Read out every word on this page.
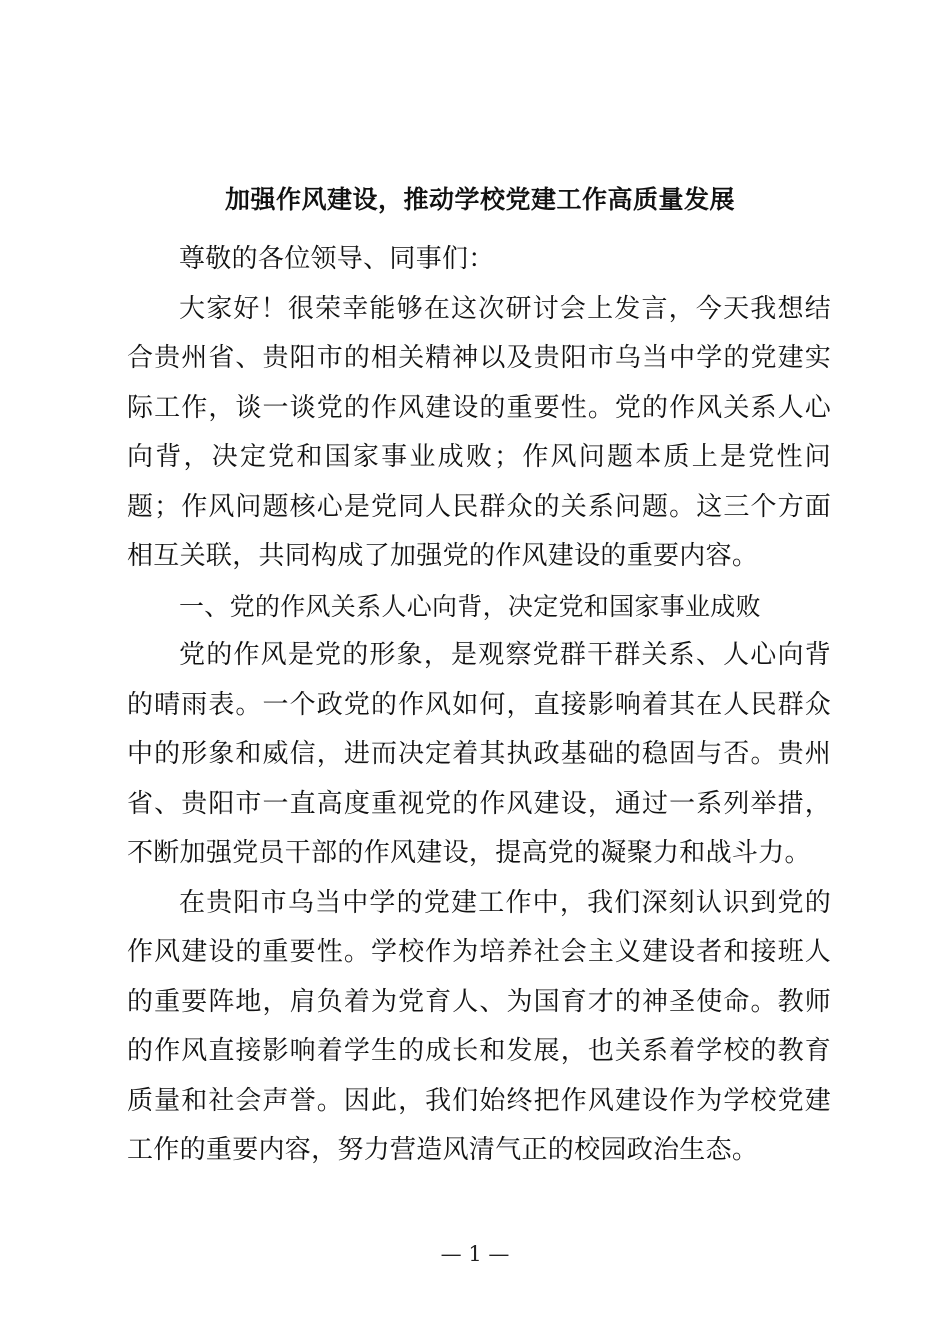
加强作风建设，推动学校党建工作高质量发展

尊敬的各位领导、同事们：

大家好！很荣幸能够在这次研讨会上发言，今天我想结合贵州省、贵阳市的相关精神以及贵阳市乌当中学的党建实际工作，谈一谈党的作风建设的重要性。党的作风关系人心向背，决定党和国家事业成败；作风问题本质上是党性问题；作风问题核心是党同人民群众的关系问题。这三个方面相互关联，共同构成了加强党的作风建设的重要内容。

一、党的作风关系人心向背，决定党和国家事业成败

党的作风是党的形象，是观察党群干群关系、人心向背的晴雨表。一个政党的作风如何，直接影响着其在人民群众中的形象和威信，进而决定着其执政基础的稳固与否。贵州省、贵阳市一直高度重视党的作风建设，通过一系列举措，不断加强党员干部的作风建设，提高党的凝聚力和战斗力。

在贵阳市乌当中学的党建工作中，我们深刻认识到党的作风建设的重要性。学校作为培养社会主义建设者和接班人的重要阵地，肩负着为党育人、为国育才的神圣使命。教师的作风直接影响着学生的成长和发展，也关系着学校的教育质量和社会声誉。因此，我们始终把作风建设作为学校党建工作的重要内容，努力营造风清气正的校园政治生态。

— 1 —
